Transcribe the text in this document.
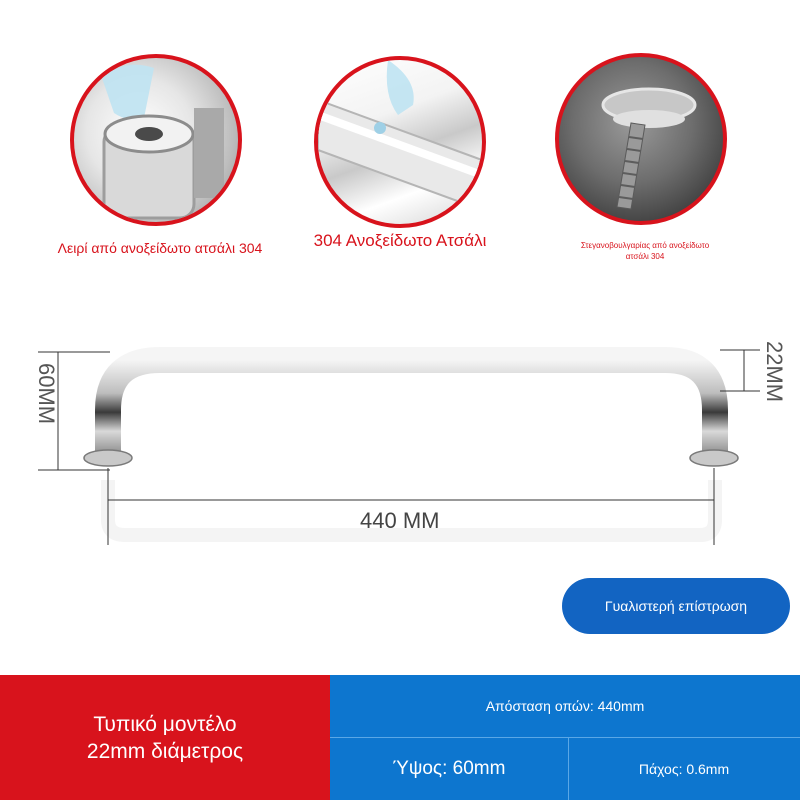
Λειρί από ανοξείδωτο ατσάλι 304	304 Ανοξείδωτο Ατσάλι	Στεγανοβουλγαρίας από ανοξείδωτο ατσάλι 304
60MM	22MM
440 MM
Γυαλιστερή επίστρωση
Τυπικό μοντέλο 22mm διάμετρος
Απόσταση οπών: 440mm
Ύψος: 60mm	Πάχος: 0.6mm
